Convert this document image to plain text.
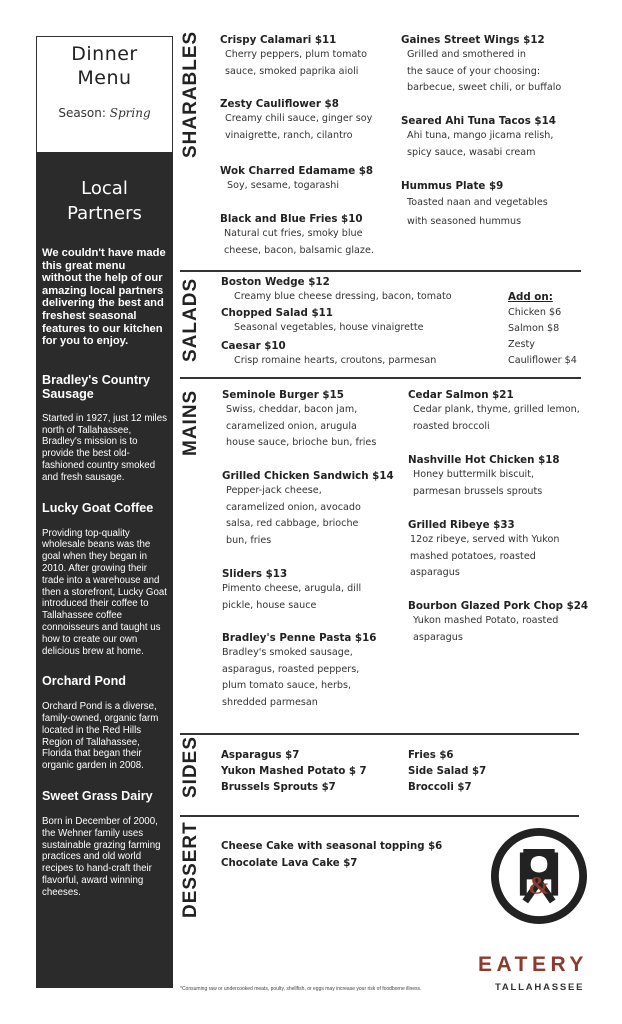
Dinner
Menu
Season: Spring
Local
Partners
We couldn't have made this great menu without the help of our amazing local partners delivering the best and freshest seasonal features to our kitchen for you to enjoy.
Bradley's Country Sausage
Started in 1927, just 12 miles north of Tallahassee, Bradley's mission is to provide the best old-fashioned country smoked and fresh sausage.
Lucky Goat Coffee
Providing top-quality wholesale beans was the goal when they began in 2010. After growing their trade into a warehouse and then a storefront, Lucky Goat introduced their coffee to Tallahassee coffee connoisseurs and taught us how to create our own delicious brew at home.
Orchard Pond
Orchard Pond is a diverse, family-owned, organic farm located in the Red Hills Region of Tallahassee, Florida that began their organic garden in 2008.
Sweet Grass Dairy
Born in December of 2000, the Wehner family uses sustainable grazing farming practices and old world recipes to hand-craft their flavorful, award winning cheeses.
SHARABLES
SALADS
MAINS
SIDES
DESSERT
Crispy Calamari $11
Cherry peppers, plum tomato
sauce, smoked paprika aioli
Zesty Cauliflower $8
Creamy chili sauce, ginger soy
vinaigrette, ranch, cilantro
Wok Charred Edamame $8
Soy, sesame, togarashi
Black and Blue Fries $10
Natural cut fries, smoky blue
cheese, bacon, balsamic glaze.
Gaines Street Wings $12
Grilled and smothered in
the sauce of your choosing:
barbecue, sweet chili, or buffalo
Seared Ahi Tuna Tacos $14
Ahi tuna, mango jicama relish,
spicy sauce, wasabi cream
Hummus Plate $9
Toasted naan and vegetables
with seasoned hummus
Boston Wedge $12
Creamy blue cheese dressing, bacon, tomato
Chopped Salad $11
Seasonal vegetables, house vinaigrette
Caesar $10
Crisp romaine hearts, croutons, parmesan
Add on:
Chicken $6
Salmon $8
Zesty
Cauliflower $4
Seminole Burger $15
Swiss, cheddar, bacon jam,
caramelized onion, arugula
house sauce, brioche bun, fries
Grilled Chicken Sandwich $14
Pepper-jack cheese,
caramelized onion, avocado
salsa, red cabbage, brioche
bun, fries
Sliders $13
Pimento cheese, arugula, dill
pickle, house sauce
Bradley's Penne Pasta $16
Bradley's smoked sausage,
asparagus, roasted peppers,
plum tomato sauce, herbs,
shredded parmesan
Cedar Salmon $21
Cedar plank, thyme, grilled lemon,
roasted broccoli
Nashville Hot Chicken $18
Honey buttermilk biscuit,
parmesan brussels sprouts
Grilled Ribeye $33
12oz ribeye, served with Yukon
mashed potatoes, roasted
asparagus
Bourbon Glazed Pork Chop $24
Yukon mashed Potato, roasted
asparagus
Asparagus $7
Yukon Mashed Potato $ 7
Brussels Sprouts $7
Fries $6
Side Salad $7
Broccoli $7
Cheese Cake with seasonal topping $6
Chocolate Lava Cake $7
&
EATERY
TALLAHASSEE
*Consuming raw or undercooked meats, poulty, shellfish, or eggs may increase your risk of foodborne illness.
